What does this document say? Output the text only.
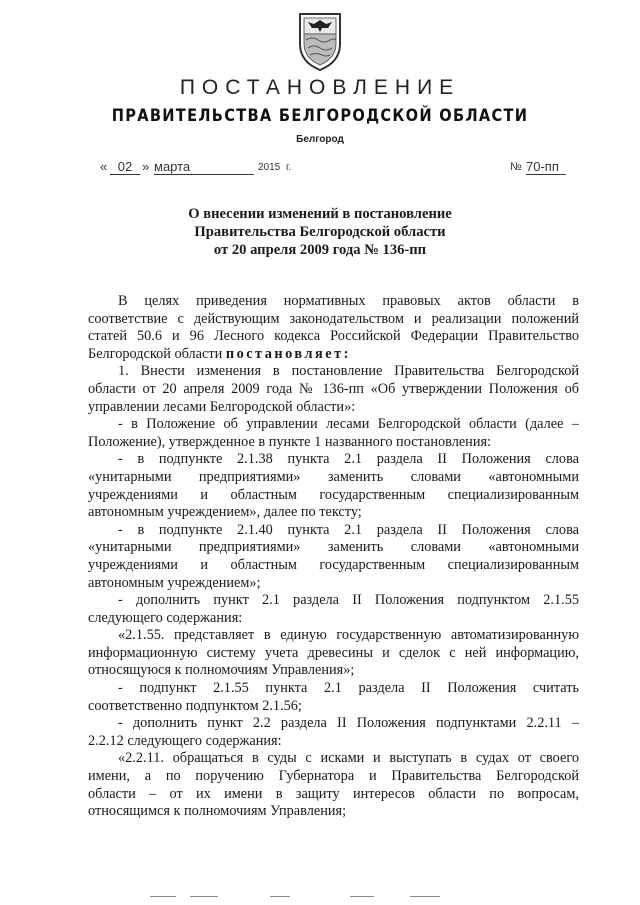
ПОСТАНОВЛЕНИЕ
ПРАВИТЕЛЬСТВА БЕЛГОРОДСКОЙ ОБЛАСТИ
Белгород
« 02 » марта	2015 г.	№ 70-пп
О внесении изменений в постановление
Правительства Белгородской области
от 20 апреля 2009 года № 136-пп
В целях приведения нормативных правовых актов области в
соответствие с действующим законодательством и реализации положений
статей 50.6 и 96 Лесного кодекса Российской Федерации Правительство
Белгородской области постановляет:
1. Внести изменения в постановление Правительства Белгородской
области от 20 апреля 2009 года № 136-пп «Об утверждении Положения об
управлении лесами Белгородской области»:
- в Положение об управлении лесами Белгородской области (далее –
Положение), утвержденное в пункте 1 названного постановления:
- в подпункте 2.1.38 пункта 2.1 раздела II Положения слова
«унитарными предприятиями» заменить словами «автономными
учреждениями и областным государственным специализированным
автономным учреждением», далее по тексту;
- в подпункте 2.1.40 пункта 2.1 раздела II Положения слова
«унитарными предприятиями» заменить словами «автономными
учреждениями и областным государственным специализированным
автономным учреждением»;
- дополнить пункт 2.1 раздела II Положения подпунктом 2.1.55
следующего содержания:
«2.1.55. представляет в единую государственную автоматизированную
информационную систему учета древесины и сделок с ней информацию,
относящуюся к полномочиям Управления»;
- подпункт 2.1.55 пункта 2.1 раздела II Положения считать
соответственно подпунктом 2.1.56;
- дополнить пункт 2.2 раздела II Положения подпунктами 2.2.11 –
2.2.12 следующего содержания:
«2.2.11. обращаться в суды с исками и выступать в судах от своего
имени, а по поручению Губернатора и Правительства Белгородской
области – от их имени в защиту интересов области по вопросам,
относящимся к полномочиям Управления;
